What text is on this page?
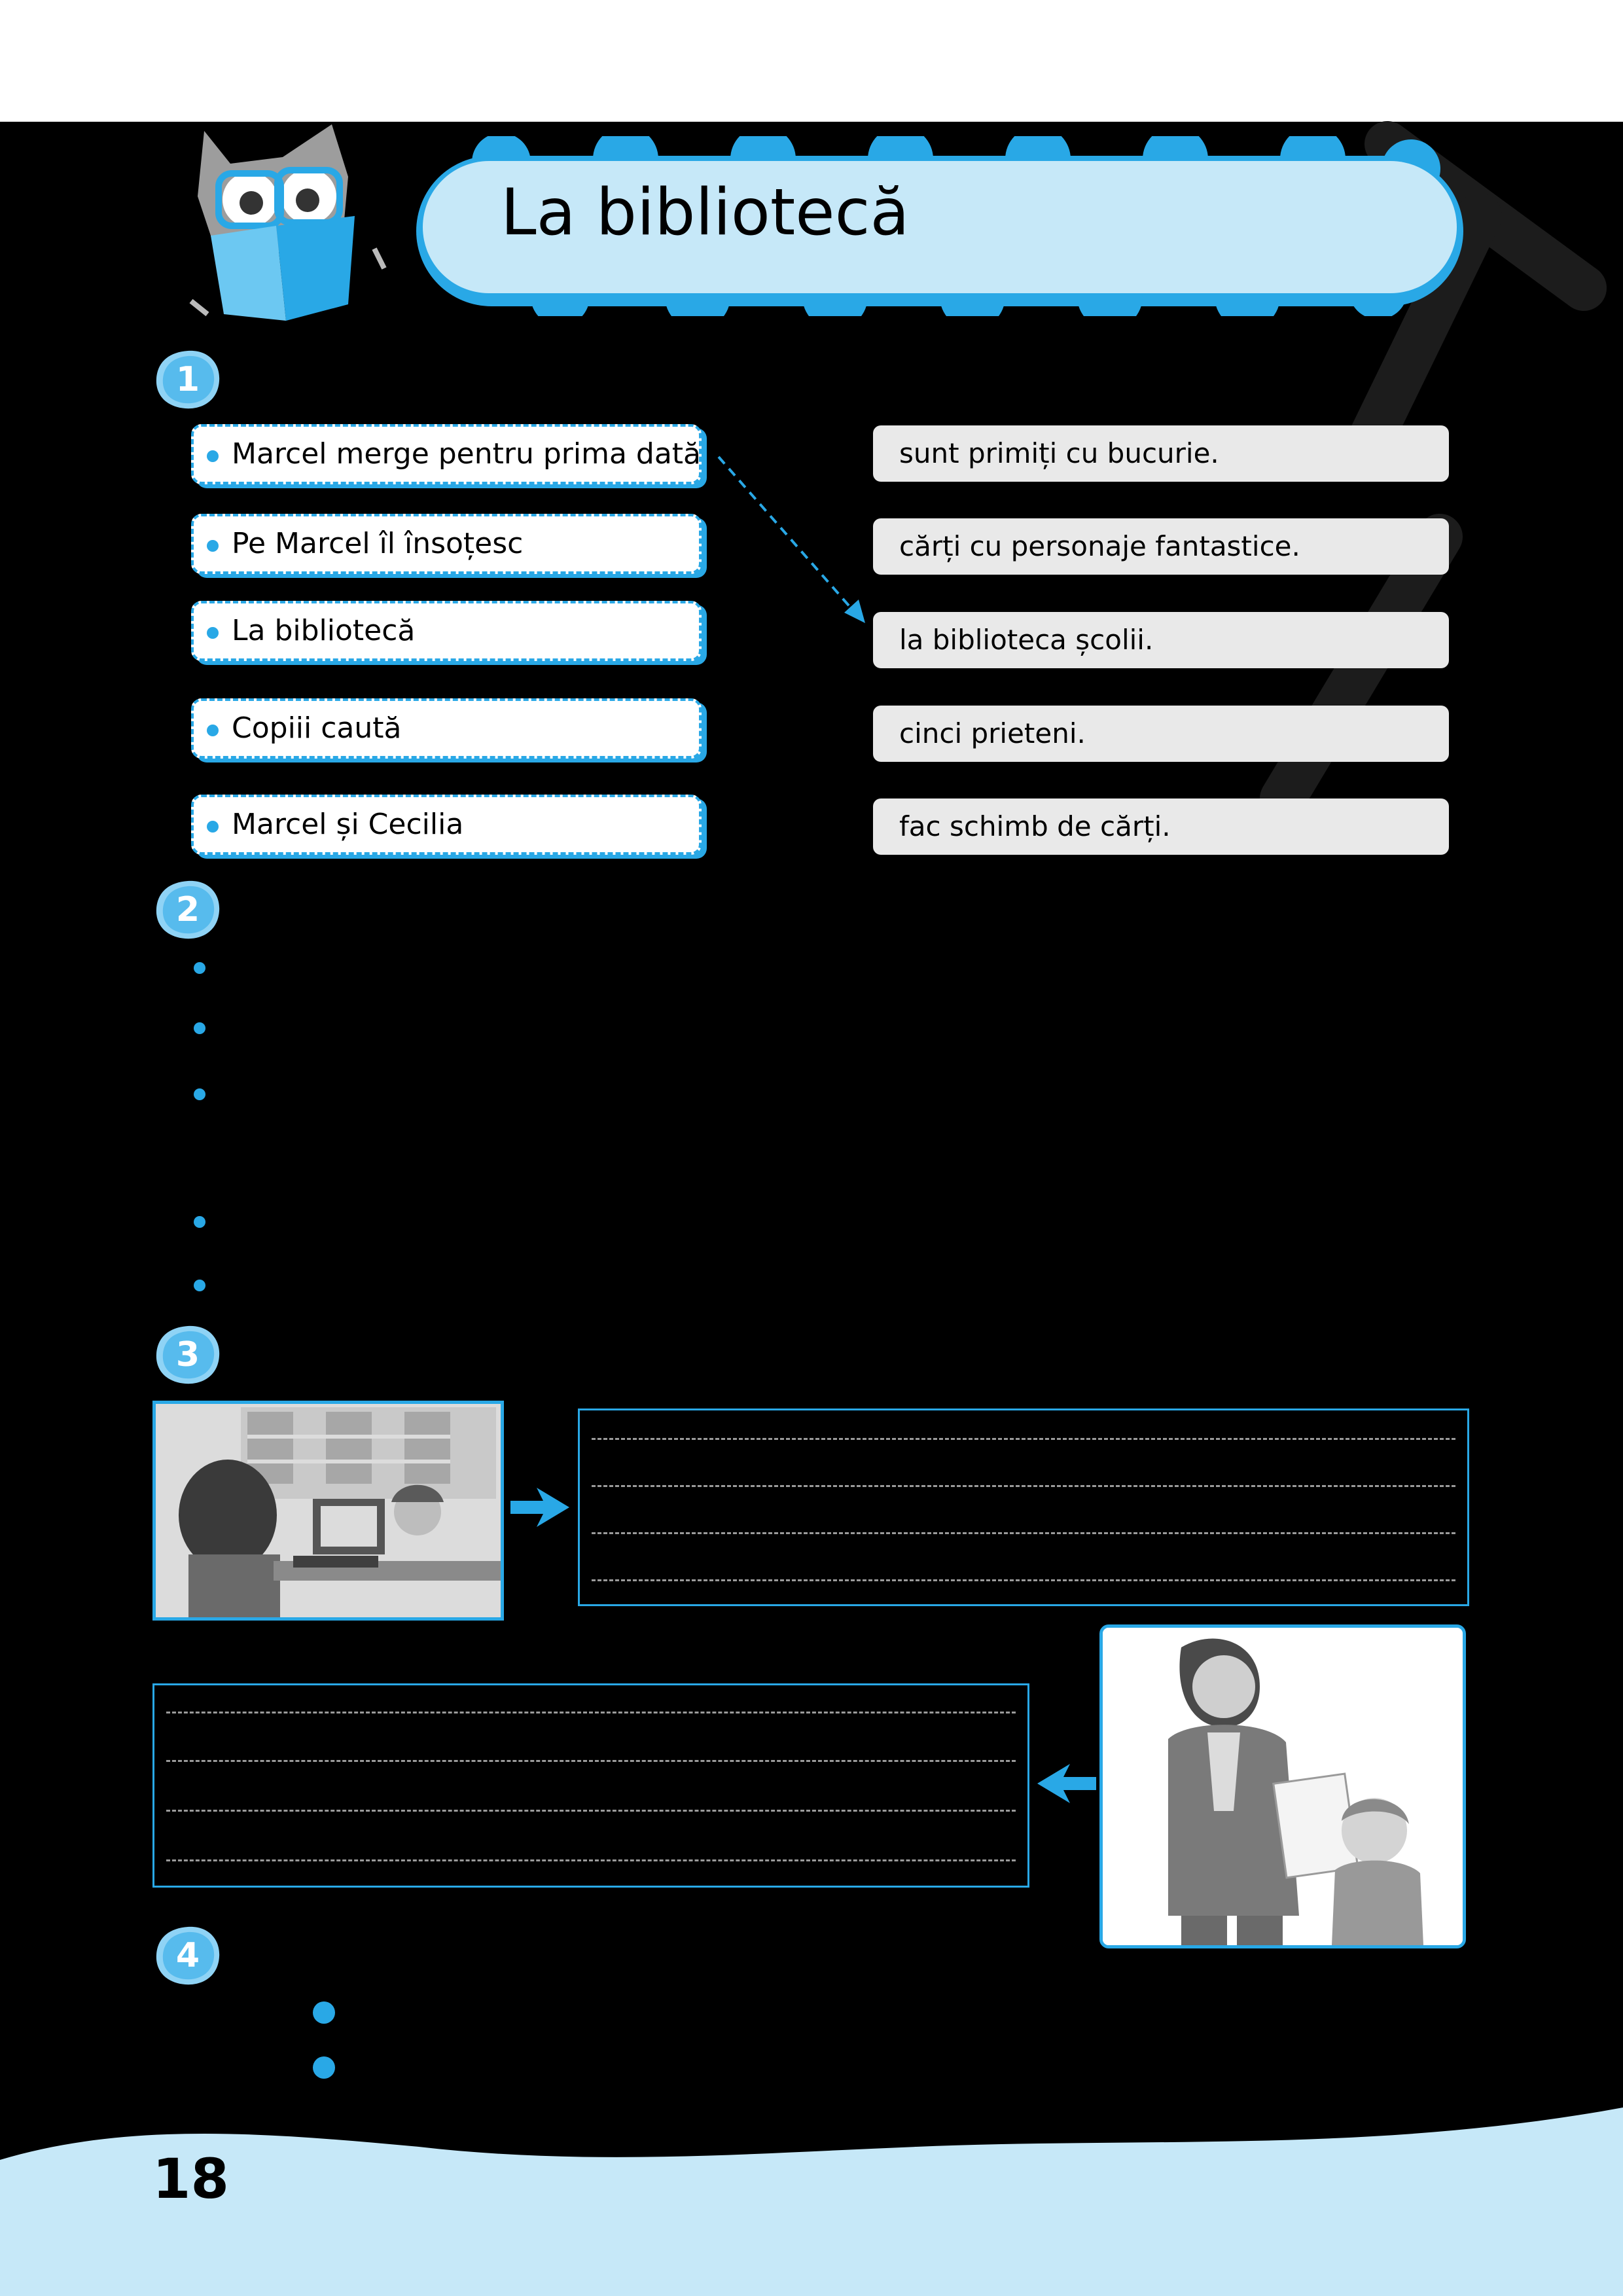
La bibliotecă
1
Marcel merge pentru prima dată
Pe Marcel îl însoțesc
La bibliotecă
Copiii caută
Marcel și Cecilia
sunt primiți cu bucurie.
cărți cu personaje fantastice.
la biblioteca școlii.
cinci prieteni.
fac schimb de cărți.
2
3
4
18
